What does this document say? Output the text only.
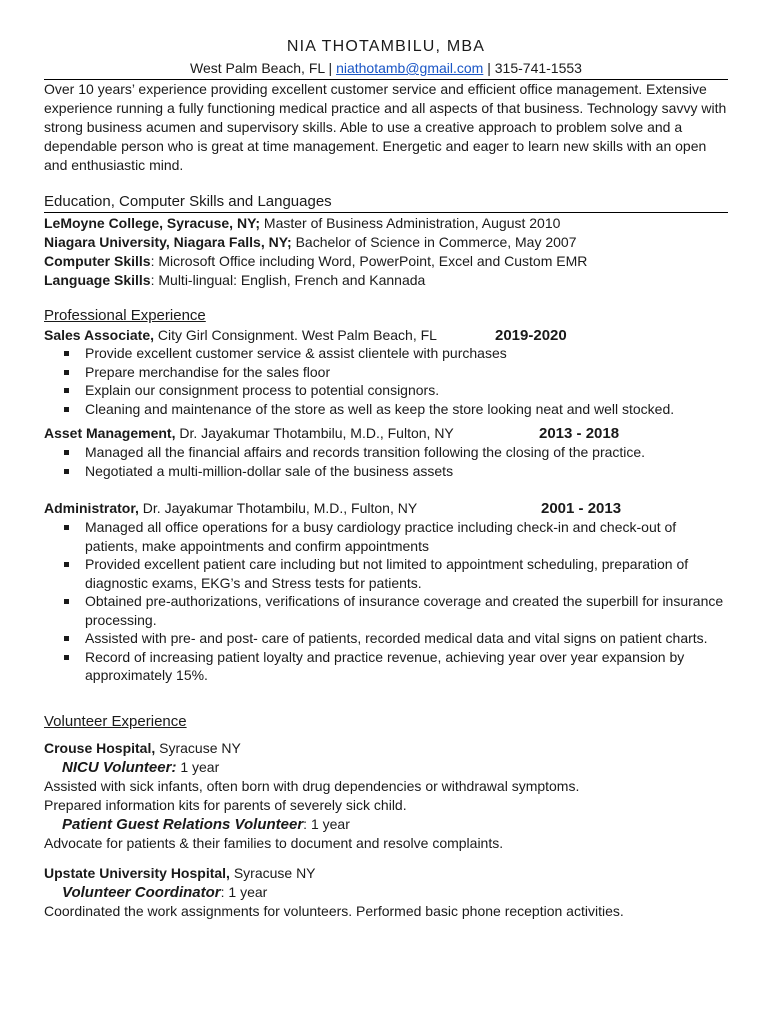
NIA THOTAMBILU, MBA
West Palm Beach, FL | niathotamb@gmail.com | 315-741-1553
Over 10 years’ experience providing excellent customer service and efficient office management. Extensive experience running a fully functioning medical practice and all aspects of that business. Technology savvy with strong business acumen and supervisory skills. Able to use a creative approach to problem solve and a dependable person who is great at time management. Energetic and eager to learn new skills with an open and enthusiastic mind.
Education, Computer Skills and Languages
LeMoyne College, Syracuse, NY; Master of Business Administration, August 2010
Niagara University, Niagara Falls, NY; Bachelor of Science in Commerce, May 2007
Computer Skills: Microsoft Office including Word, PowerPoint, Excel and Custom EMR
Language Skills: Multi-lingual: English, French and Kannada
Professional Experience
Sales Associate, City Girl Consignment. West Palm Beach, FL	2019-2020
Provide excellent customer service & assist clientele with purchases
Prepare merchandise for the sales floor
Explain our consignment process to potential consignors.
Cleaning and maintenance of the store as well as keep the store looking neat and well stocked.
Asset Management, Dr. Jayakumar Thotambilu, M.D., Fulton, NY	2013 - 2018
Managed all the financial affairs and records transition following the closing of the practice.
Negotiated a multi-million-dollar sale of the business assets
Administrator, Dr. Jayakumar Thotambilu, M.D., Fulton, NY	2001 - 2013
Managed all office operations for a busy cardiology practice including check-in and check-out of patients, make appointments and confirm appointments
Provided excellent patient care including but not limited to appointment scheduling, preparation of diagnostic exams, EKG’s and Stress tests for patients.
Obtained pre-authorizations, verifications of insurance coverage and created the superbill for insurance processing.
Assisted with pre- and post- care of patients, recorded medical data and vital signs on patient charts.
Record of increasing patient loyalty and practice revenue, achieving year over year expansion by approximately 15%.
Volunteer Experience
Crouse Hospital, Syracuse NY
NICU Volunteer: 1 year
Assisted with sick infants, often born with drug dependencies or withdrawal symptoms.
Prepared information kits for parents of severely sick child.
Patient Guest Relations Volunteer: 1 year
Advocate for patients & their families to document and resolve complaints.
Upstate University Hospital, Syracuse NY
Volunteer Coordinator: 1 year
Coordinated the work assignments for volunteers. Performed basic phone reception activities.
